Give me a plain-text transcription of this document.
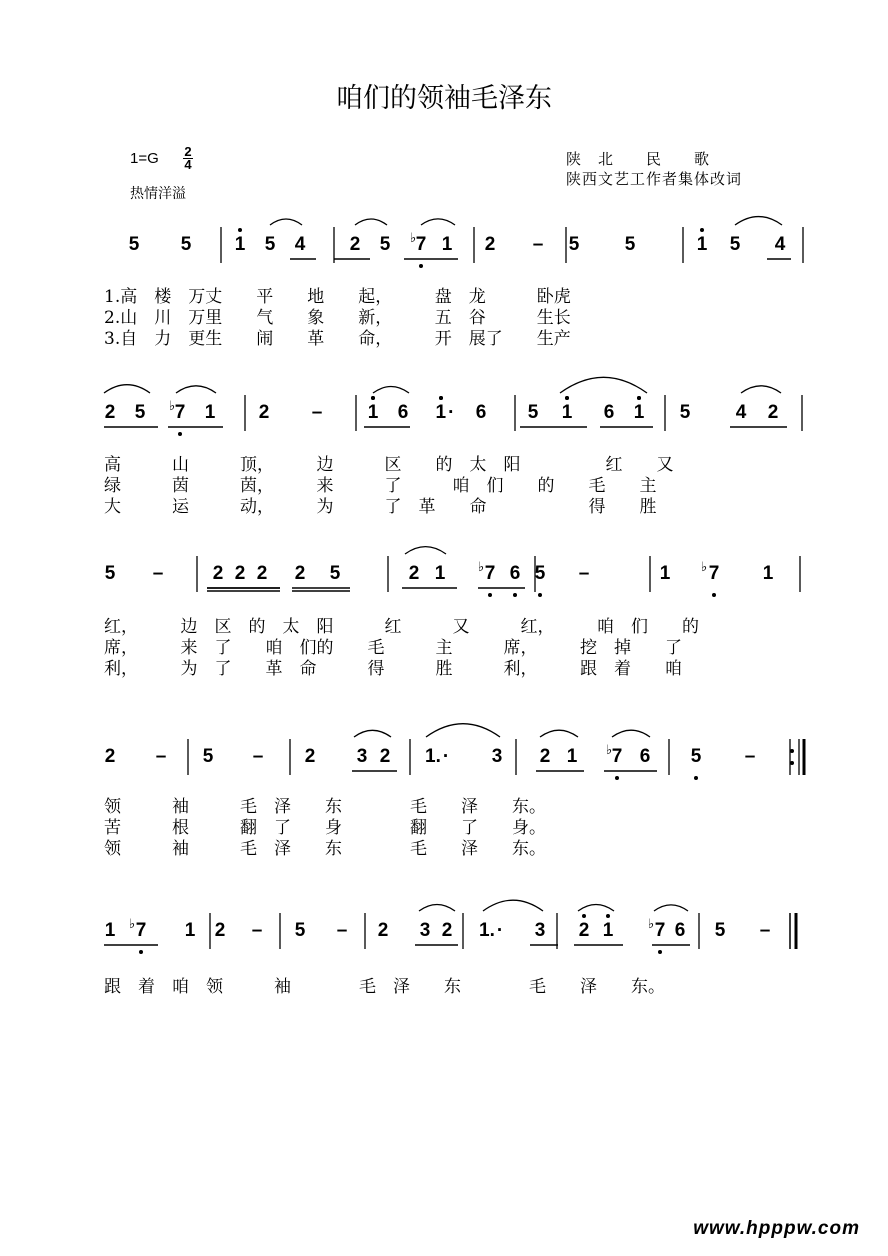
咱们的领袖毛泽东
1=G 2
4
热情洋溢
陕　北　　民　　歌
陕西文艺工作者集体改词
♭
♭
♭	♭
♭
♭	♭
5 5 1 5 4 2 5 7 1 2 – 5 5	1 5 4
2 5 7 1 2 – 1 6 1 · 6 5 1 6 1 5 4 2
5 –	2 2 2 2 5	2 1 7 6 5 –	1 7 1
2 – 5 – 2 3 2 1. · 3 2 1 7 6 5 –
1 7 1 2 – 5 – 2 3 2 1. · 3 2 1 7 6 5 –
1.高　楼　万丈　　平　　地　　起，　　　盘　龙　　　卧虎
2.山　川　万里　　气　　象　　新，　　　五　谷　　　生长
3.自　力　更生　　闹　　革　　命，　　　开　展了　　生产
高　　　山　　　顶，　　　边　　　区　　的　太　阳　　　　　红　　又
绿　　　茵　　　茵，　　　来　　　了　　　咱　们　　的　　毛　　主
大　　　运　　　动，　　　为　　　了　革　　命　　　　　　得　　胜
红，　　　边　区　的　太　阳　　　红　　　又　　　红，　　　咱　们　　的
席，　　　来　了　　咱　们的　　毛　　　主　　　席，　　　挖　掉　　了
利，　　　为　了　　革　命　　　得　　　胜　　　利，　　　跟　着　　咱
领　　　袖　　　毛　泽　　东　　　　毛　　泽　　东。
苦　　　根　　　翻　了　　身　　　　翻　　了　　身。
领　　　袖　　　毛　泽　　东　　　　毛　　泽　　东。
跟　着　咱　领　　　袖　　　　毛　泽　　东　　　　毛　　泽　　东。
www.hpppw.com
